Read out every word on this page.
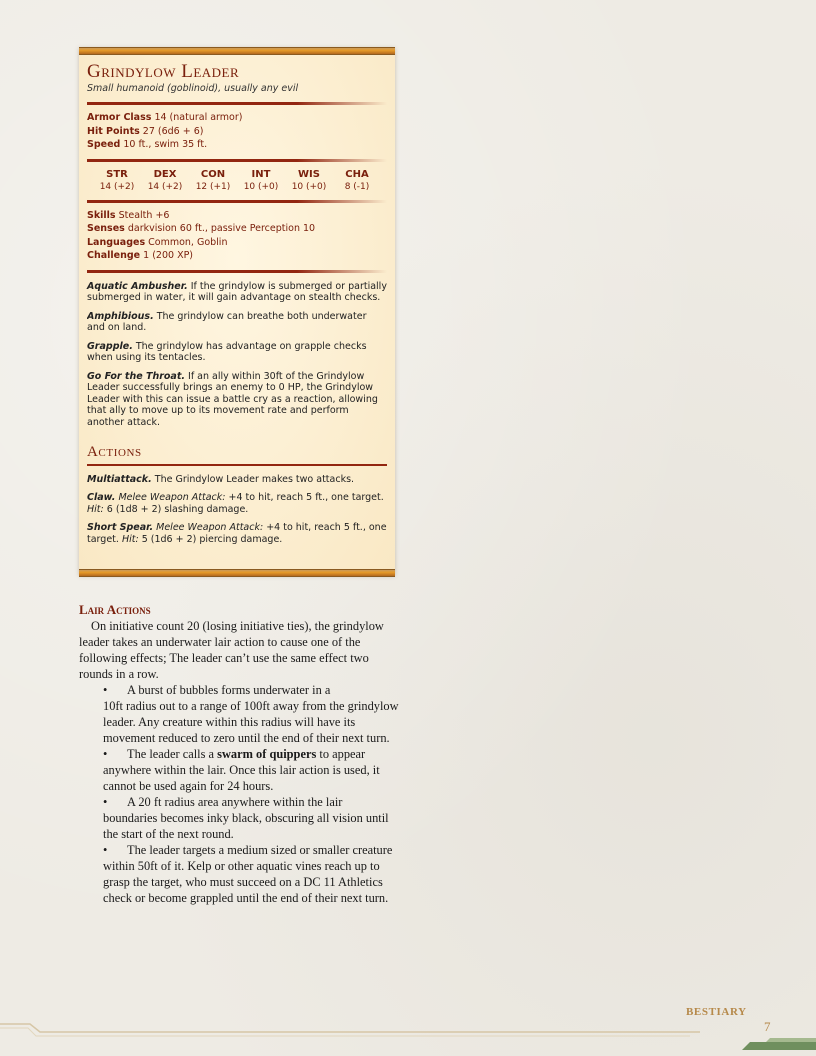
Grindylow Leader
Small humanoid (goblinoid), usually any evil
Armor Class 14 (natural armor)
Hit Points 27 (6d6 + 6)
Speed 10 ft., swim 35 ft.
STR
14 (+2)
DEX
14 (+2)
CON
12 (+1)
INT
10 (+0)
WIS
10 (+0)
CHA
8 (-1)
Skills Stealth +6
Senses darkvision 60 ft., passive Perception 10
Languages Common, Goblin
Challenge 1 (200 XP)
Aquatic Ambusher. If the grindylow is submerged or partially submerged in water, it will gain advantage on stealth checks.
Amphibious. The grindylow can breathe both underwater and on land.
Grapple. The grindylow has advantage on grapple checks when using its tentacles.
Go For the Throat. If an ally within 30ft of the Grindylow Leader successfully brings an enemy to 0 HP, the Grindylow Leader with this can issue a battle cry as a reaction, allowing that ally to move up to its movement rate and perform another attack.
Actions
Multiattack. The Grindylow Leader makes two attacks.
Claw. Melee Weapon Attack: +4 to hit, reach 5 ft., one target. Hit: 6 (1d8 + 2) slashing damage.
Short Spear. Melee Weapon Attack: +4 to hit, reach 5 ft., one target. Hit: 5 (1d6 + 2) piercing damage.
Lair Actions

On initiative count 20 (losing initiative ties), the grindylow leader takes an underwater lair action to cause one of the following effects; The leader can’t use the same effect two rounds in a row.

• A burst of bubbles forms underwater in a
10ft radius out to a range of 100ft away from the grindylow leader. Any creature within this radius will have its movement reduced to zero until the end of their next turn.

• The leader calls a swarm of quippers to appear anywhere within the lair. Once this lair action is used, it cannot be used again for 24 hours.

• A 20 ft radius area anywhere within the lair boundaries becomes inky black, obscuring all vision until the start of the next round.

• The leader targets a medium sized or smaller creature within 50ft of it. Kelp or other aquatic vines reach up to grasp the target, who must succeed on a DC 11 Athletics check or become grappled until the end of their next turn.

BESTIARY
7
